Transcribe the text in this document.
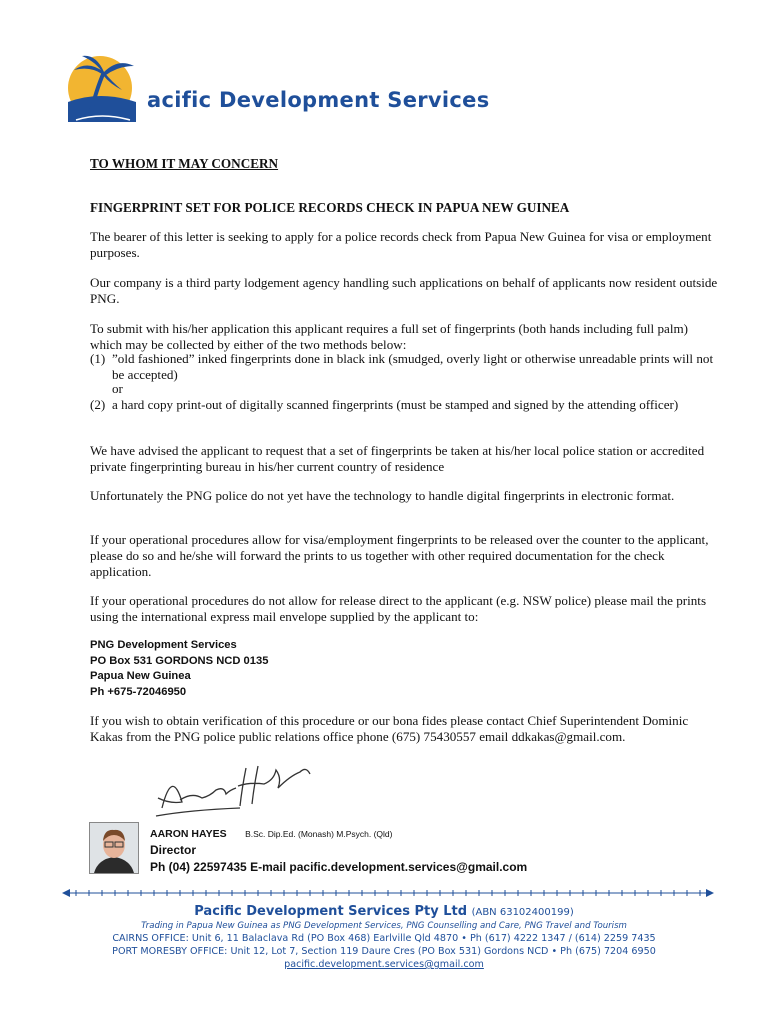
acific Development Services
TO WHOM IT MAY CONCERN
FINGERPRINT SET FOR POLICE RECORDS CHECK IN PAPUA NEW GUINEA
The bearer of this letter is seeking to apply for a police records check from Papua New Guinea for visa or employment purposes.
Our company is a third party lodgement agency handling such applications on behalf of applicants now resident outside PNG.
To submit with his/her application this applicant requires a full set of fingerprints (both hands including full palm) which may be collected by either of the two methods below:
(1) ”old fashioned” inked fingerprints done in black ink (smudged, overly light or otherwise unreadable prints will not be accepted)
or
(2) a hard copy print-out of digitally scanned fingerprints (must be stamped and signed by the attending officer)
We have advised the applicant to request that a set of fingerprints be taken at his/her local police station or accredited private fingerprinting bureau in his/her current country of residence
Unfortunately the PNG police do not yet have the technology to handle digital fingerprints in electronic format.
If your operational procedures allow for visa/employment fingerprints to be released over the counter to the applicant, please do so and he/she will forward the prints to us together with other required documentation for the check application.
If your operational procedures do not allow for release direct to the applicant (e.g. NSW police) please mail the prints using the international express mail envelope supplied by the applicant to:
PNG Development Services
PO Box 531 GORDONS NCD 0135
Papua New Guinea
Ph +675-72046950
If you wish to obtain verification of this procedure or our bona fides please contact Chief Superintendent Dominic Kakas from the PNG police public relations office phone (675) 75430557 email ddkakas@gmail.com.
AARON HAYES B.Sc. Dip.Ed. (Monash) M.Psych. (Qld)
Director
Ph (04) 22597435 E-mail pacific.development.services@gmail.com
Pacific Development Services Pty Ltd (ABN 63102400199)
Trading in Papua New Guinea as PNG Development Services, PNG Counselling and Care, PNG Travel and Tourism
CAIRNS OFFICE: Unit 6, 11 Balaclava Rd (PO Box 468) Earlville Qld 4870 • Ph (617) 4222 1347 / (614) 2259 7435
PORT MORESBY OFFICE: Unit 12, Lot 7, Section 119 Daure Cres (PO Box 531) Gordons NCD • Ph (675) 7204 6950
pacific.development.services@gmail.com
